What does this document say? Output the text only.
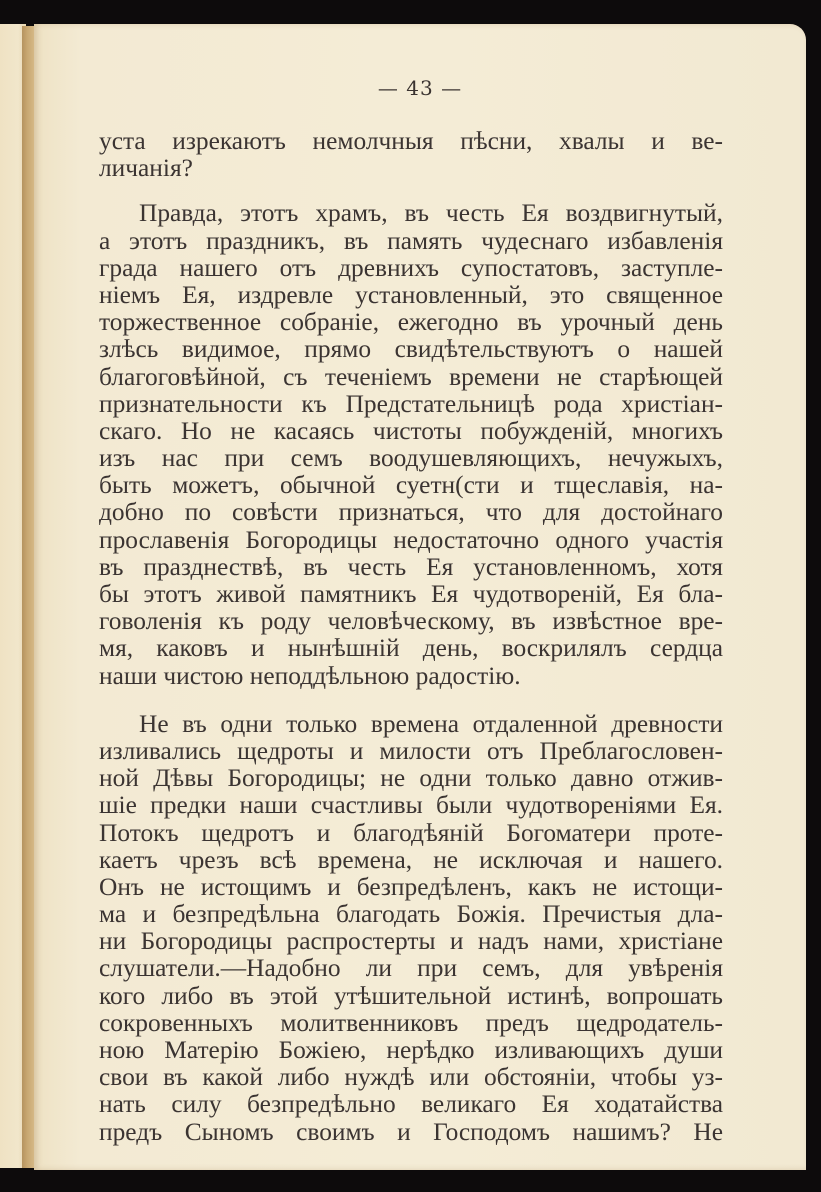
— 43 —
уста изрекаютъ немолчныя пѣсни, хвалы и ве-
личанія?
Правда, этотъ храмъ, въ честь Ея воздвигнутый,
а этотъ праздникъ, въ память чудеснаго избавленія
града нашего отъ древнихъ супостатовъ, заступле-
ніемъ Ея, издревле установленный, это священное
торжественное собраніе, ежегодно въ урочный день
злѣсь видимое, прямо свидѣтельствуютъ о нашей
благоговѣйной, съ теченіемъ времени не старѣющей
признательности къ Предстательницѣ рода христіан-
скаго. Но не касаясь чистоты побужденій, многихъ
изъ нас при семъ воодушевляющихъ, нечужыхъ,
быть можетъ, обычной суетн(сти и тщеславія, на-
добно по совѣсти признаться, что для достойнаго
прославенія Богородицы недостаточно одного участія
въ празднествѣ, въ честь Ея установленномъ, хотя
бы этотъ живой памятникъ Ея чудотвореній, Ея бла-
говоленія къ роду человѣческому, въ извѣстное вре-
мя, каковъ и нынѣшній день, воскрилялъ сердца
наши чистою неподдѣльною радостію.
Не въ одни только времена отдаленной древности
изливались щедроты и милости отъ Преблагословен-
ной Дѣвы Богородицы; не одни только давно отжив-
шіе предки наши счастливы были чудотвореніями Ея.
Потокъ щедротъ и благодѣяній Богоматери проте-
каетъ чрезъ всѣ времена, не исключая и нашего.
Онъ не истощимъ и безпредѣленъ, какъ не истощи-
ма и безпредѣльна благодать Божія. Пречистыя дла-
ни Богородицы распростерты и надъ нами, христіане
слушатели.—Надобно ли при семъ, для увѣренія
кого либо въ этой утѣшительной истинѣ, вопрошать
сокровенныхъ молитвенниковъ предъ щедродатель-
ною Матерію Божіею, нерѣдко изливающихъ души
свои въ какой либо нуждѣ или обстояніи, чтобы уз-
нать силу безпредѣльно великаго Ея ходатайства
предъ Сыномъ своимъ и Господомъ нашимъ? Не
